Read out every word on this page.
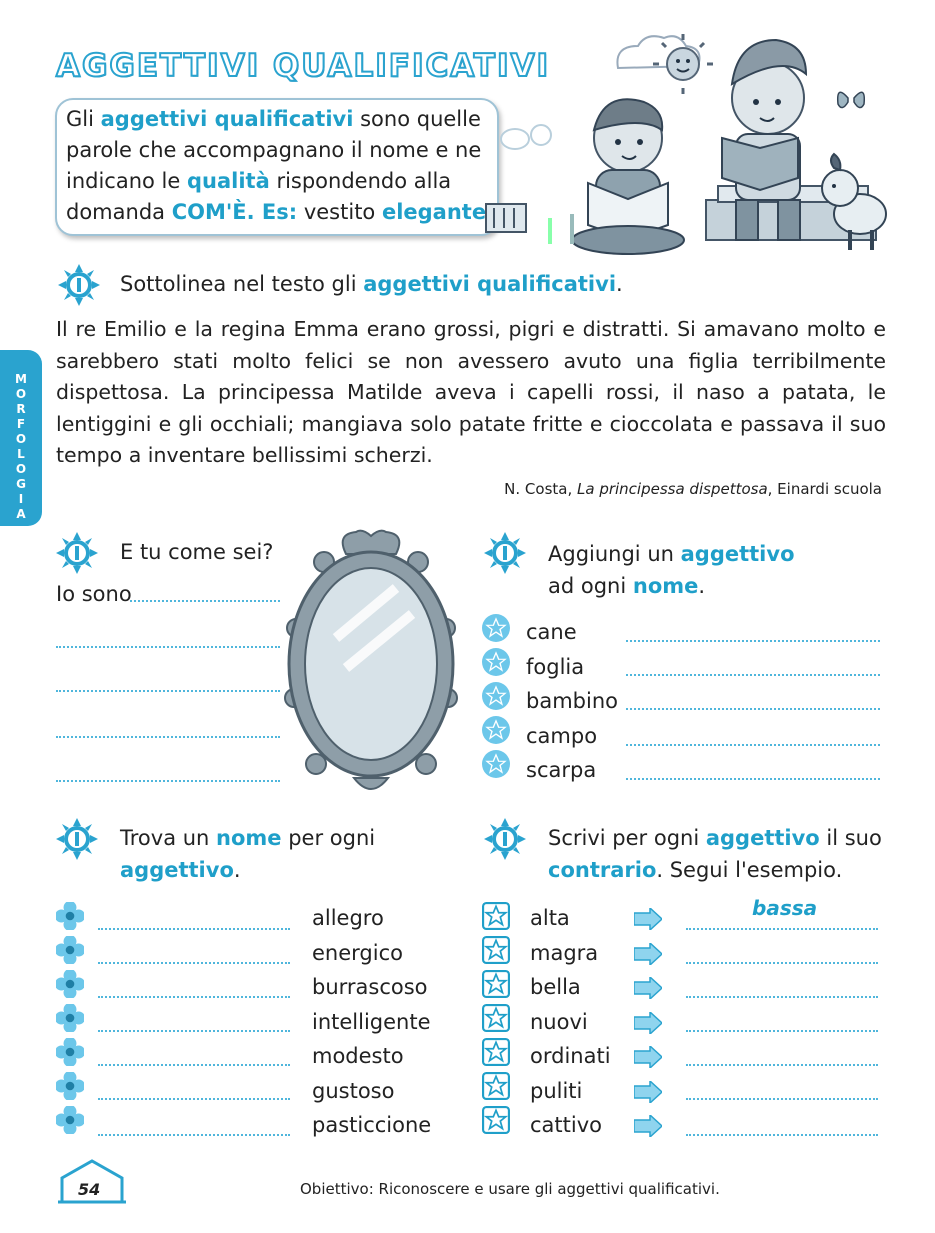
AGGETTIVI QUALIFICATIVI
Gli aggettivi qualificativi sono quelle parole che accompagnano il nome e ne indicano le qualità rispondendo alla domanda COM'È. Es: vestito elegante
M
O
R
F
O
L
O
G
I
A
Sottolinea nel testo gli aggettivi qualificativi.
Il re Emilio e la regina Emma erano grossi, pigri e distratti. Si amavano molto e sarebbero stati molto felici se non avessero avuto una figlia terribilmente dispettosa. La principessa Matilde aveva i capelli rossi, il naso a patata, le lentiggini e gli occhiali; mangiava solo patate fritte e cioccolata e passava il suo tempo a inventare bellissimi scherzi.
N. Costa, La principessa dispettosa, Einardi scuola
E tu come sei?
Io sono
Aggiungi un aggettivo
ad ogni nome.
cane
foglia
bambino
campo
scarpa
Trova un nome per ogni
aggettivo.
allegro
energico
burrascoso
intelligente
modesto
gustoso
pasticcione
Scrivi per ogni aggettivo il suo
contrario. Segui l'esempio.
bassa
alta
magra
bella
nuovi
ordinati
puliti
cattivo
54	Obiettivo: Riconoscere e usare gli aggettivi qualificativi.
